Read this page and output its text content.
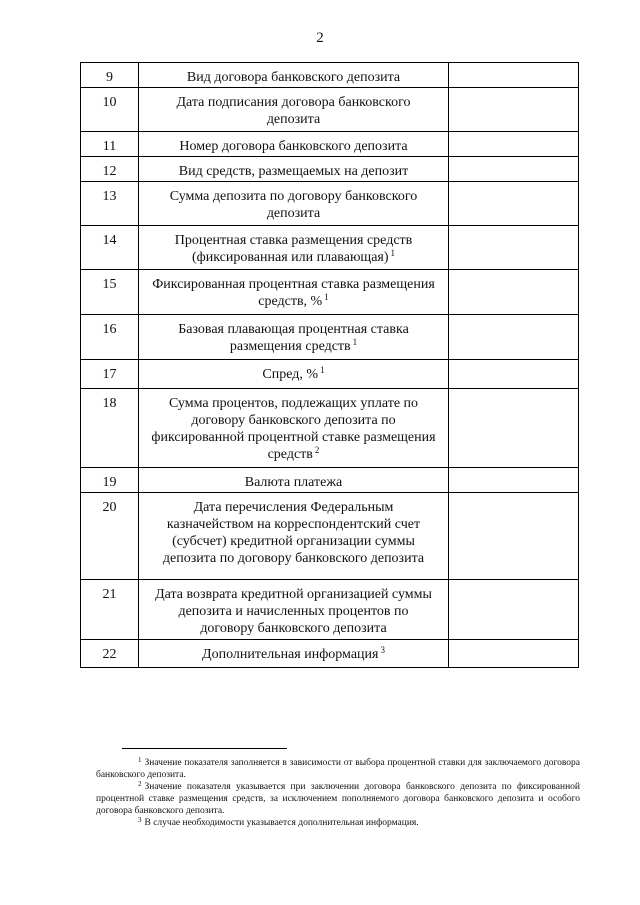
2
9	Вид договора банковского депозита	
10	Дата подписания договора банковского
депозита	
11	Номер договора банковского депозита	
12	Вид средств, размещаемых на депозит	
13	Сумма депозита по договору банковского
депозита	
14	Процентная ставка размещения средств
(фиксированная или плавающая) $^1$	
15	Фиксированная процентная ставка размещения
средств, % $^1$	
16	Базовая плавающая процентная ставка
размещения средств $^1$	
17	Спред, % $^1$	
18	Сумма процентов, подлежащих уплате по
договору банковского депозита по
фиксированной процентной ставке размещения
средств $^2$	
19	Валюта платежа	
20	Дата перечисления Федеральным
казначейством на корреспондентский счет
(субсчет) кредитной организации суммы
депозита по договору банковского депозита	
21	Дата возврата кредитной организацией суммы
депозита и начисленных процентов по
договору банковского депозита	
22	Дополнительная информация $^3$	

$^1$ Значение показателя заполняется в зависимости от выбора процентной ставки для заключаемого договора банковского депозита.

$^2$ Значение показателя указывается при заключении договора банковского депозита по фиксированной процентной ставке размещения средств, за исключением пополняемого договора банковского депозита и особого договора банковского депозита.

$^3$ В случае необходимости указывается дополнительная информация.
